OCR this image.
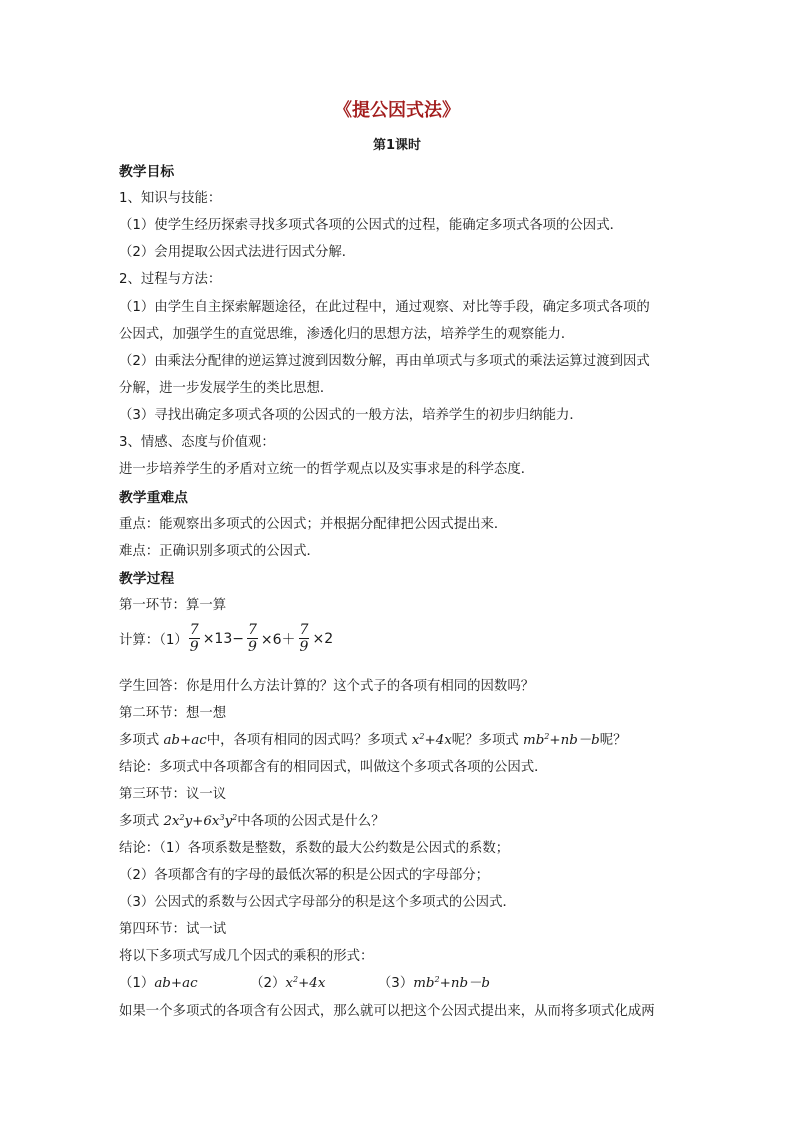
《提公因式法》
第1课时
教学目标
1、知识与技能：
（1）使学生经历探索寻找多项式各项的公因式的过程，能确定多项式各项的公因式．
（2）会用提取公因式法进行因式分解．
2、过程与方法：
（1）由学生自主探索解题途径，在此过程中，通过观察、对比等手段，确定多项式各项的
公因式，加强学生的直觉思维，渗透化归的思想方法，培养学生的观察能力．
（2）由乘法分配律的逆运算过渡到因数分解，再由单项式与多项式的乘法运算过渡到因式
分解，进一步发展学生的类比思想．
（3）寻找出确定多项式各项的公因式的一般方法，培养学生的初步归纳能力．
3、情感、态度与价值观：
进一步培养学生的矛盾对立统一的哲学观点以及实事求是的科学态度．
教学重难点
重点：能观察出多项式的公因式；并根据分配律把公因式提出来．
难点：正确识别多项式的公因式．
教学过程
第一环节：算一算
计算：$(1) \frac{7}{9} \times 13- \frac{7}{9} \times 6+ \frac{7}{9} \times 2$
学生回答：你是用什么方法计算的？这个式子的各项有相同的因数吗？
第二环节：想一想
多项式 ab+ac中，各项有相同的因式吗？多项式 $x^2+4x$呢？多项式 $mb^2+nb-b$呢？
结论：多项式中各项都含有的相同因式，叫做这个多项式各项的公因式．
第三环节：议一议
多项式 $2x^2y+6x^3y^2$中各项的公因式是什么？
结论：（1）各项系数是整数，系数的最大公约数是公因式的系数；
（2）各项都含有的字母的最低次幂的积是公因式的字母部分；
（3）公因式的系数与公因式字母部分的积是这个多项式的公因式．
第四环节：试一试
将以下多项式写成几个因式的乘积的形式：
（1）ab+ac	$(2)x^2+4x$	$(3)mb^2+nb-b$
如果一个多项式的各项含有公因式，那么就可以把这个公因式提出来，从而将多项式化成两
